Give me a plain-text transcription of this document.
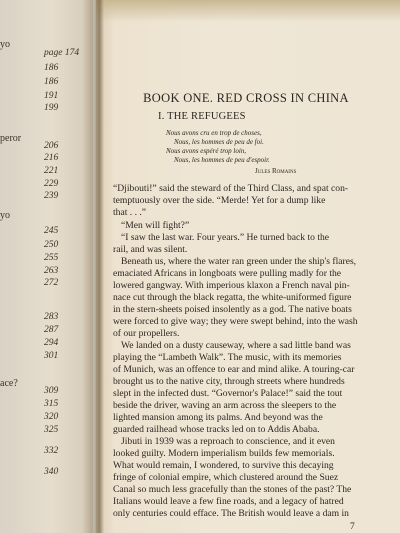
yo
peror
yo
ace?
page 174
186
186
191
199
206
216
221
229
239
245
250
255
263
272
283
287
294
301
309
315
320
325
332
340
BOOK ONE. RED CROSS IN CHINA
I. THE REFUGEES
Nous avons cru en trop de choses,
Nous, les hommes de peu de foi.
Nous avons espéré trop loin,
Nous, les hommes de peu d'espoir.
Jules Romains
“Djibouti!” said the steward of the Third Class, and spat con-
temptuously over the side. “Merde! Yet for a dump like
that . . .”
“Men will fight?”
“I saw the last war. Four years.” He turned back to the
rail, and was silent.
Beneath us, where the water ran green under the ship's flares,
emaciated Africans in longboats were pulling madly for the
lowered gangway. With imperious klaxon a French naval pin-
nace cut through the black regatta, the white-uniformed figure
in the stern-sheets poised insolently as a god. The native boats
were forced to give way; they were swept behind, into the wash
of our propellers.
We landed on a dusty causeway, where a sad little band was
playing the “Lambeth Walk”. The music, with its memories
of Munich, was an offence to ear and mind alike. A touring-car
brought us to the native city, through streets where hundreds
slept in the infected dust. “Governor's Palace!” said the tout
beside the driver, waving an arm across the sleepers to the
lighted mansion among its palms. And beyond was the
guarded railhead whose tracks led on to Addis Ababa.
Jibuti in 1939 was a reproach to conscience, and it even
looked guilty. Modern imperialism builds few memorials.
What would remain, I wondered, to survive this decaying
fringe of colonial empire, which clustered around the Suez
Canal so much less gracefully than the stones of the past? The
Italians would leave a few fine roads, and a legacy of hatred
only centuries could efface. The British would leave a dam in
7
